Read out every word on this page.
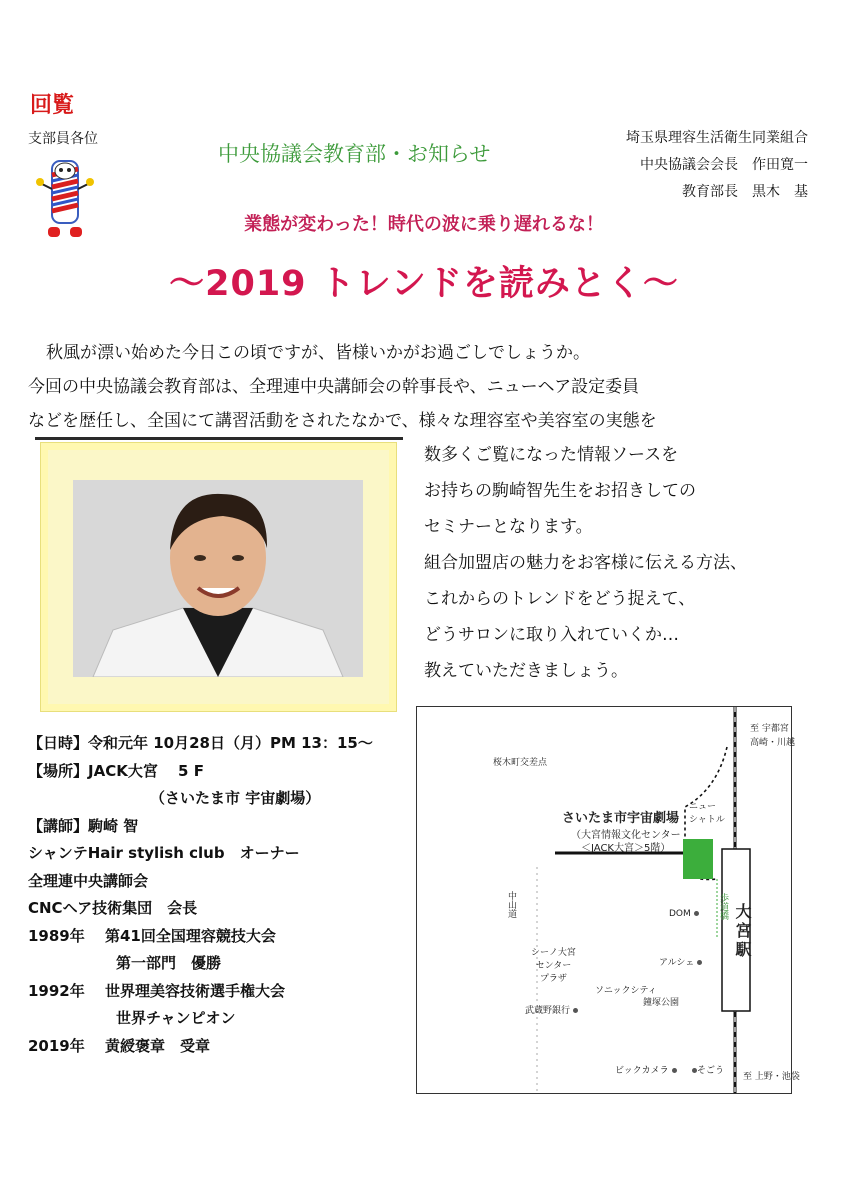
回覧
支部員各位
中央協議会教育部・お知らせ
埼玉県理容生活衛生同業組合
中央協議会会長　作田寛一
教育部長　黒木　基
業態が変わった！時代の波に乗り遅れるな！
～2019 トレンドを読みとく～
秋風が漂い始めた今日この頃ですが、皆様いかがお過ごしでしょうか。
今回の中央協議会教育部は、全理連中央講師会の幹事長や、ニューヘア設定委員
などを歴任し、全国にて講習活動をされたなかで、様々な理容室や美容室の実態を
数多くご覧になった情報ソースを
お持ちの駒崎智先生をお招きしての
セミナーとなります。
組合加盟店の魅力をお客様に伝える方法、
これからのトレンドをどう捉えて、
どうサロンに取り入れていくか…
教えていただきましょう。
【日時】令和元年 10月28日（月）PM 13：15〜
【場所】JACK大宮　 5 F
（さいたま市 宇宙劇場）
【講師】駒崎 智
シャンテHair stylish club　オーナー
全理連中央講師会
CNCヘア技術集団　会長
1989年　 第41回全国理容競技大会
第一部門　優勝
1992年　 世界理美容技術選手権大会
世界チャンピオン
2019年　 黄綬褒章　受章
至 宇都宮
高崎・川越
桜木町交差点
ニュー
シャトル
さいたま市宇宙劇場
（大宮情報文化センター
＜JACK大宮＞5階）
中山道	歩道橋
DOM	大宮駅
シーノ大宮
センター
プラザ
アルシェ
ソニックシティ
武蔵野銀行
鐘塚公園
ビックカメラ	そごう
至 上野・池袋
